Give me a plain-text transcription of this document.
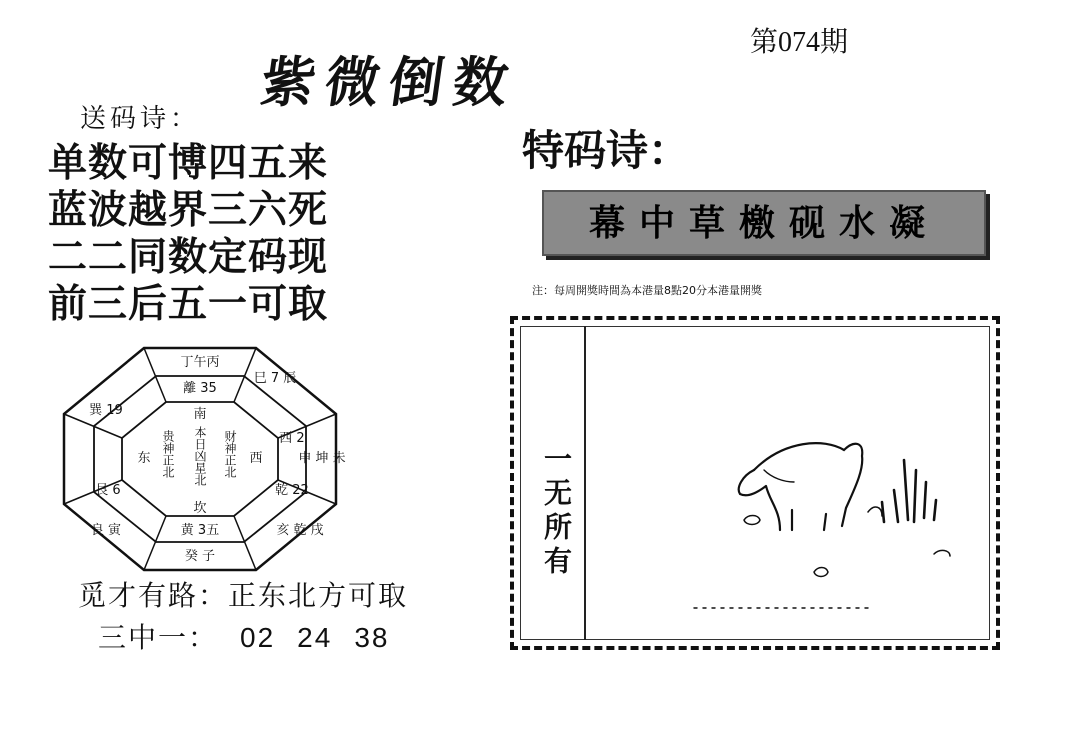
紫微倒数
第074期
送码诗：
单数可博四五来
蓝波越界三六死
二二同数定码现
前三后五一可取
特码诗：
幕中草檄砚水凝
注：每周開獎時間為本港量8點20分本港量開獎
丁午丙
離 35
巳 7 辰
西 2
申 坤 未
乾 22
亥 乾 戌
黄 3五
癸 子
良 寅
艮 6
巽 19	南
西
坎
东 贵神正北 本日凶星北 财神正北
觅才有路：正东北方可取
三中一： 02 24 38
一无所有
